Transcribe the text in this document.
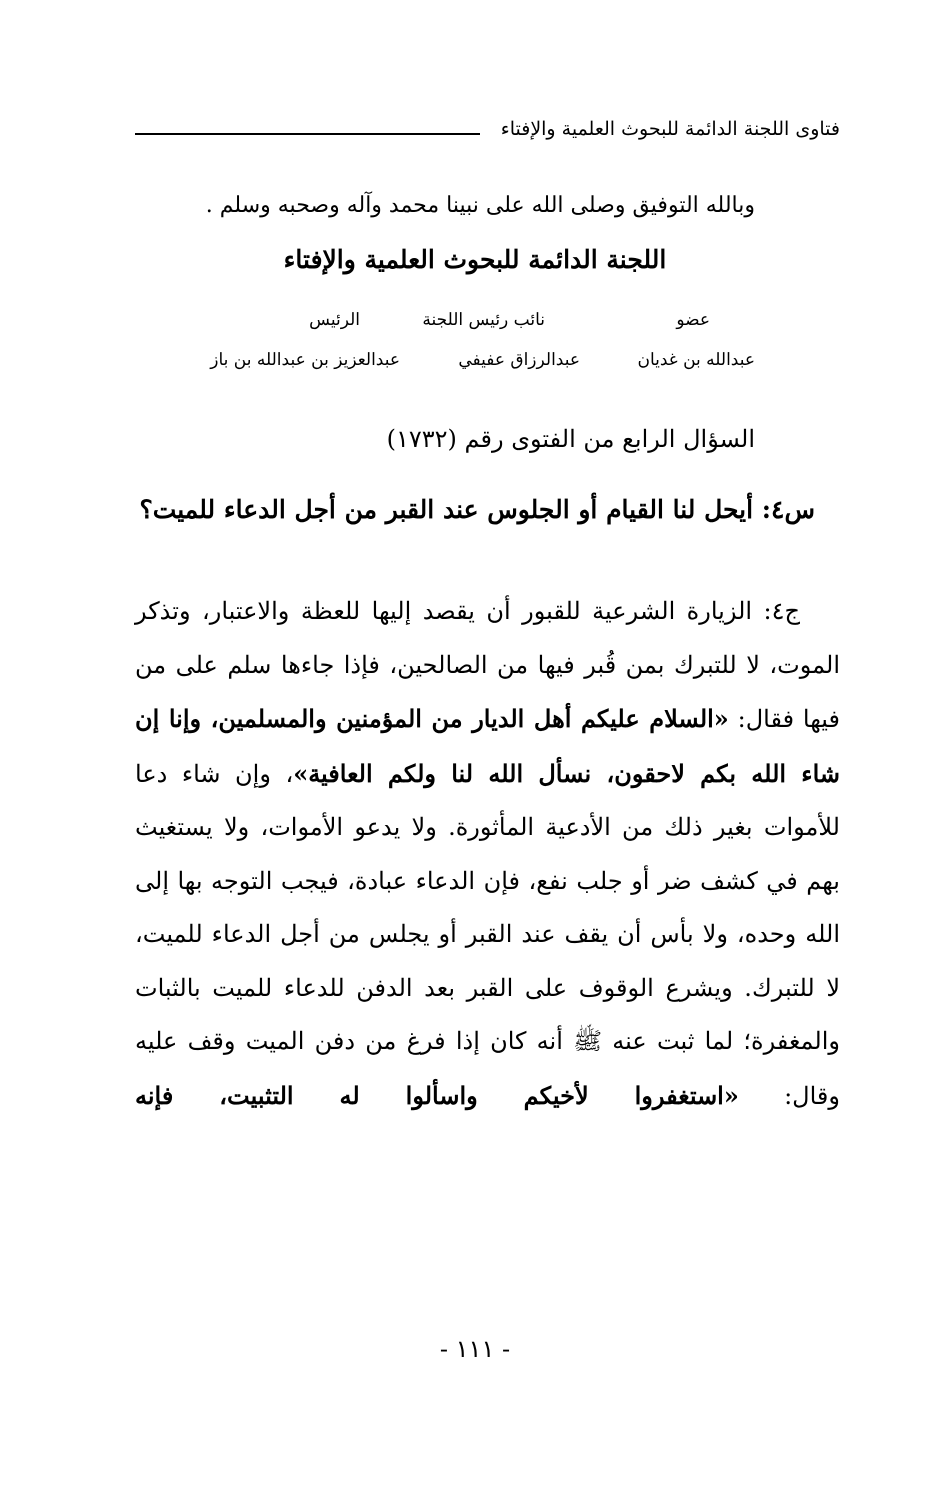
فتاوى اللجنة الدائمة للبحوث العلمية والإفتاء
وبالله التوفيق وصلى الله على نبينا محمد وآله وصحبه وسلم .
اللجنة الدائمة للبحوث العلمية والإفتاء
عضو
نائب رئيس اللجنة
الرئيس
عبدالله بن غديان
عبدالرزاق عفيفي
عبدالعزيز بن عبدالله بن باز
السؤال الرابع من الفتوى رقم (١٧٣٢)
س٤: أيحل لنا القيام أو الجلوس عند القبر من أجل الدعاء للميت؟
ج٤: الزيارة الشرعية للقبور أن يقصد إليها للعظة والاعتبار، وتذكر الموت، لا للتبرك بمن قُبر فيها من الصالحين، فإذا جاءها سلم على من فيها فقال: «السلام عليكم أهل الديار من المؤمنين والمسلمين، وإنا إن شاء الله بكم لاحقون، نسأل الله لنا ولكم العافية»، وإن شاء دعا للأموات بغير ذلك من الأدعية المأثورة. ولا يدعو الأموات، ولا يستغيث بهم في كشف ضر أو جلب نفع، فإن الدعاء عبادة، فيجب التوجه بها إلى الله وحده، ولا بأس أن يقف عند القبر أو يجلس من أجل الدعاء للميت، لا للتبرك. ويشرع الوقوف على القبر بعد الدفن للدعاء للميت بالثبات والمغفرة؛ لما ثبت عنه ﷺ أنه كان إذا فرغ من دفن الميت وقف عليه وقال: «استغفروا لأخيكم واسألوا له التثبيت، فإنه
- ١١١ -
